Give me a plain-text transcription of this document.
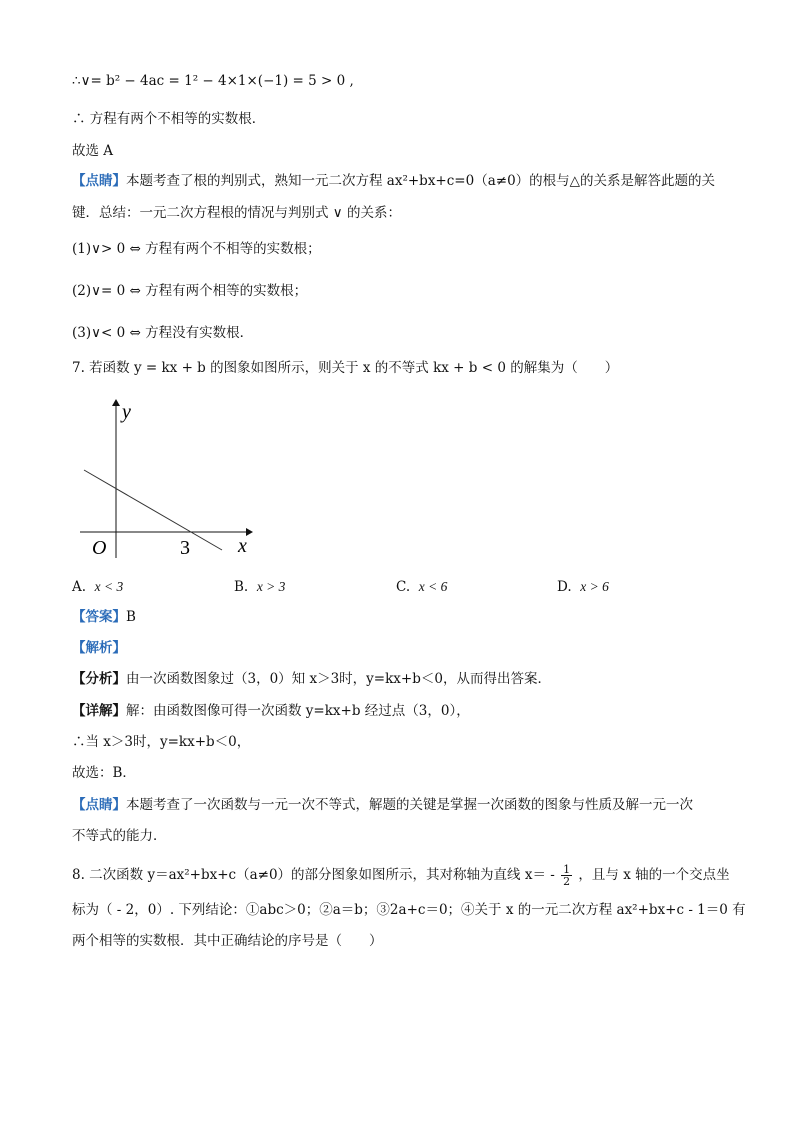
∴∨= b² − 4ac = 1² − 4×1×(−1) = 5 > 0 ,
∴ 方程有两个不相等的实数根．
故选 A
【点睛】本题考查了根的判别式，熟知一元二次方程 ax²+bx+c=0（a≠0）的根与△的关系是解答此题的关
键．总结：一元二次方程根的情况与判别式 ∨ 的关系：
(1)∨> 0 ⇔ 方程有两个不相等的实数根；
(2)∨= 0 ⇔ 方程有两个相等的实数根；
(3)∨< 0 ⇔ 方程没有实数根．
7. 若函数 y = kx + b 的图象如图所示，则关于 x 的不等式 kx + b < 0 的解集为（　　）
y
x
O	3
A. x < 3	B. x > 3	C. x < 6	D. x > 6
【答案】B
【解析】
【分析】由一次函数图象过（3，0）知 x＞3时，y=kx+b＜0，从而得出答案．
【详解】解：由函数图像可得一次函数 y=kx+b 经过点（3，0），
∴当 x＞3时，y=kx+b＜0，
故选：B．
【点睛】本题考查了一次函数与一元一次不等式，解题的关键是掌握一次函数的图象与性质及解一元一次
不等式的能力．
8. 二次函数 y＝ax²+bx+c（a≠0）的部分图象如图所示，其对称轴为直线 $x= - \frac{1}{2}$ ，且与 x 轴的一个交点坐
标为（ - 2，0）. 下列结论：①abc＞0；②a＝b；③2a+c＝0；④关于 x 的一元二次方程 ax²+bx+c - 1＝0 有
两个相等的实数根．其中正确结论的序号是（　　）
